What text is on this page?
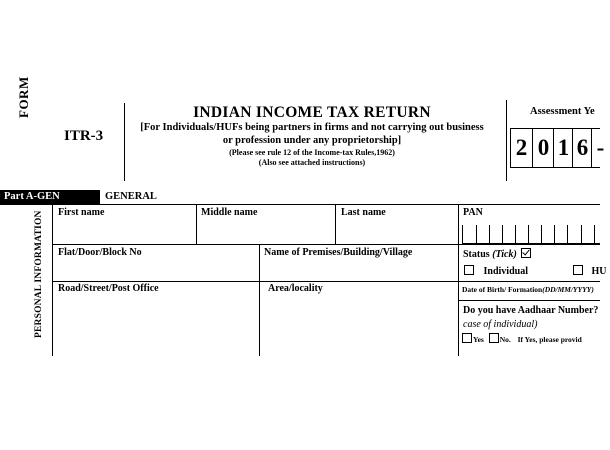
FORM
ITR-3
INDIAN INCOME TAX RETURN
[For Individuals/HUFs being partners in firms and not carrying out business
or profession under any proprietorship]
(Please see rule 12 of the Income-tax Rules,1962)
(Also see attached instructions)
Assessment Ye
2 0 1 6 -
Part A-GEN	GENERAL
PERSONAL INFORMATION	First name	Middle name	Last name	PAN
Flat/Door/Block No	Name of Premises/Building/Village	Status (Tick)
Individual	HU
Road/Street/Post Office	Area/locality	Date of Birth/ Formation(DD/MM/YYYY)
Do you have Aadhaar Number?
case of individual)
Yes No. If Yes, please provid
